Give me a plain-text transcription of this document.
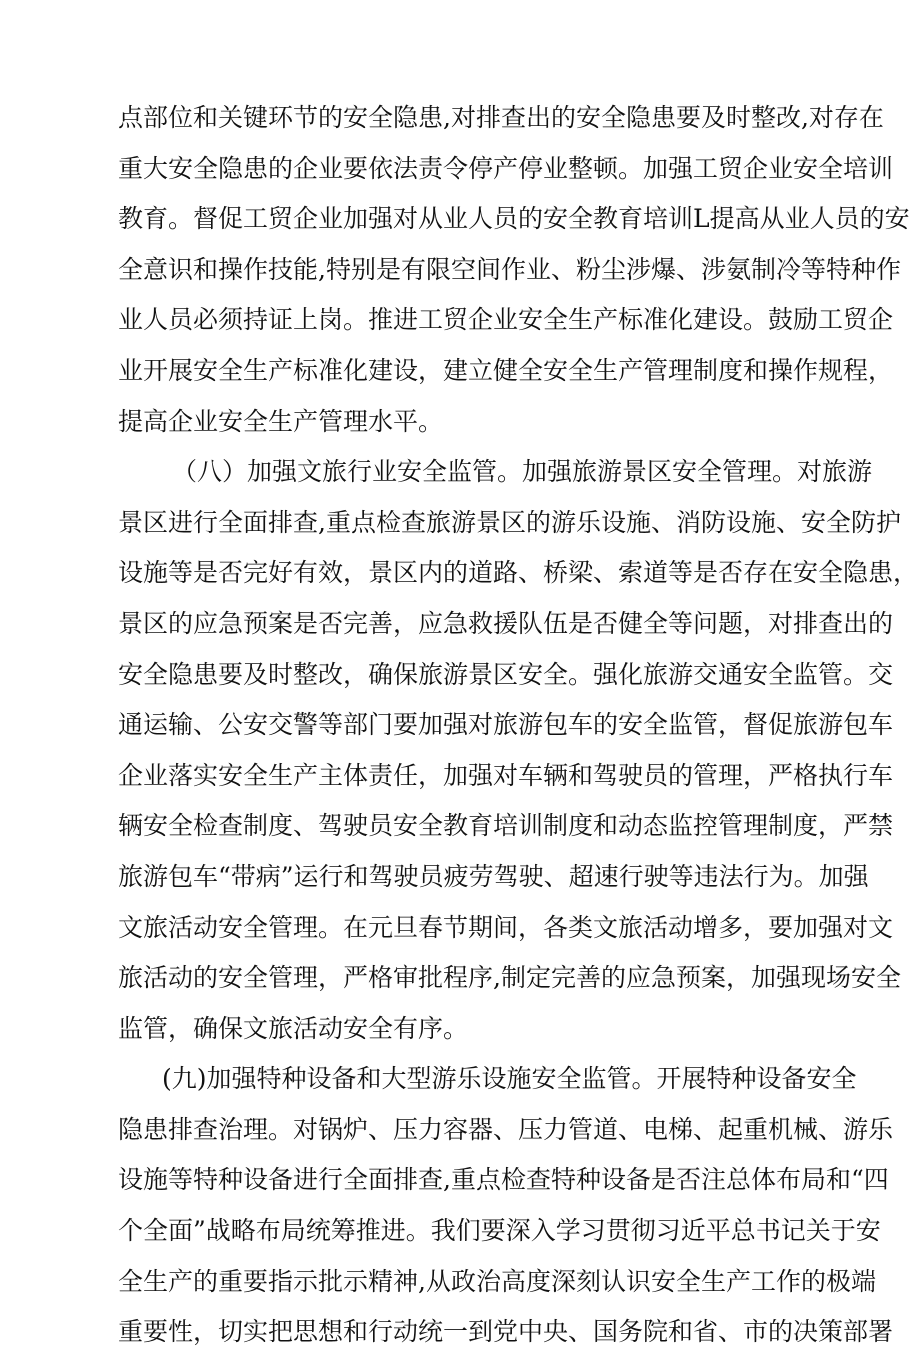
点部位和关键环节的安全隐患,对排查出的安全隐患要及时整改,对存在
重大安全隐患的企业要依法责令停产停业整顿。加强工贸企业安全培训
教育。督促工贸企业加强对从业人员的安全教育培训L提高从业人员的安
全意识和操作技能,特别是有限空间作业、粉尘涉爆、涉氨制冷等特种作
业人员必须持证上岗。推进工贸企业安全生产标准化建设。鼓励工贸企
业开展安全生产标准化建设，建立健全安全生产管理制度和操作规程，
提高企业安全生产管理水平。
（八）加强文旅行业安全监管。加强旅游景区安全管理。对旅游
景区进行全面排查,重点检查旅游景区的游乐设施、消防设施、安全防护
设施等是否完好有效，景区内的道路、桥梁、索道等是否存在安全隐患，
景区的应急预案是否完善，应急救援队伍是否健全等问题，对排查出的
安全隐患要及时整改，确保旅游景区安全。强化旅游交通安全监管。交
通运输、公安交警等部门要加强对旅游包车的安全监管，督促旅游包车
企业落实安全生产主体责任，加强对车辆和驾驶员的管理，严格执行车
辆安全检查制度、驾驶员安全教育培训制度和动态监控管理制度，严禁
旅游包车“带病”运行和驾驶员疲劳驾驶、超速行驶等违法行为。加强
文旅活动安全管理。在元旦春节期间，各类文旅活动增多，要加强对文
旅活动的安全管理，严格审批程序,制定完善的应急预案，加强现场安全
监管，确保文旅活动安全有序。
(九)加强特种设备和大型游乐设施安全监管。开展特种设备安全
隐患排查治理。对锅炉、压力容器、压力管道、电梯、起重机械、游乐
设施等特种设备进行全面排查,重点检查特种设备是否注总体布局和“四
个全面”战略布局统筹推进。我们要深入学习贯彻习近平总书记关于安
全生产的重要指示批示精神,从政治高度深刻认识安全生产工作的极端
重要性，切实把思想和行动统一到党中央、国务院和省、市的决策部署
